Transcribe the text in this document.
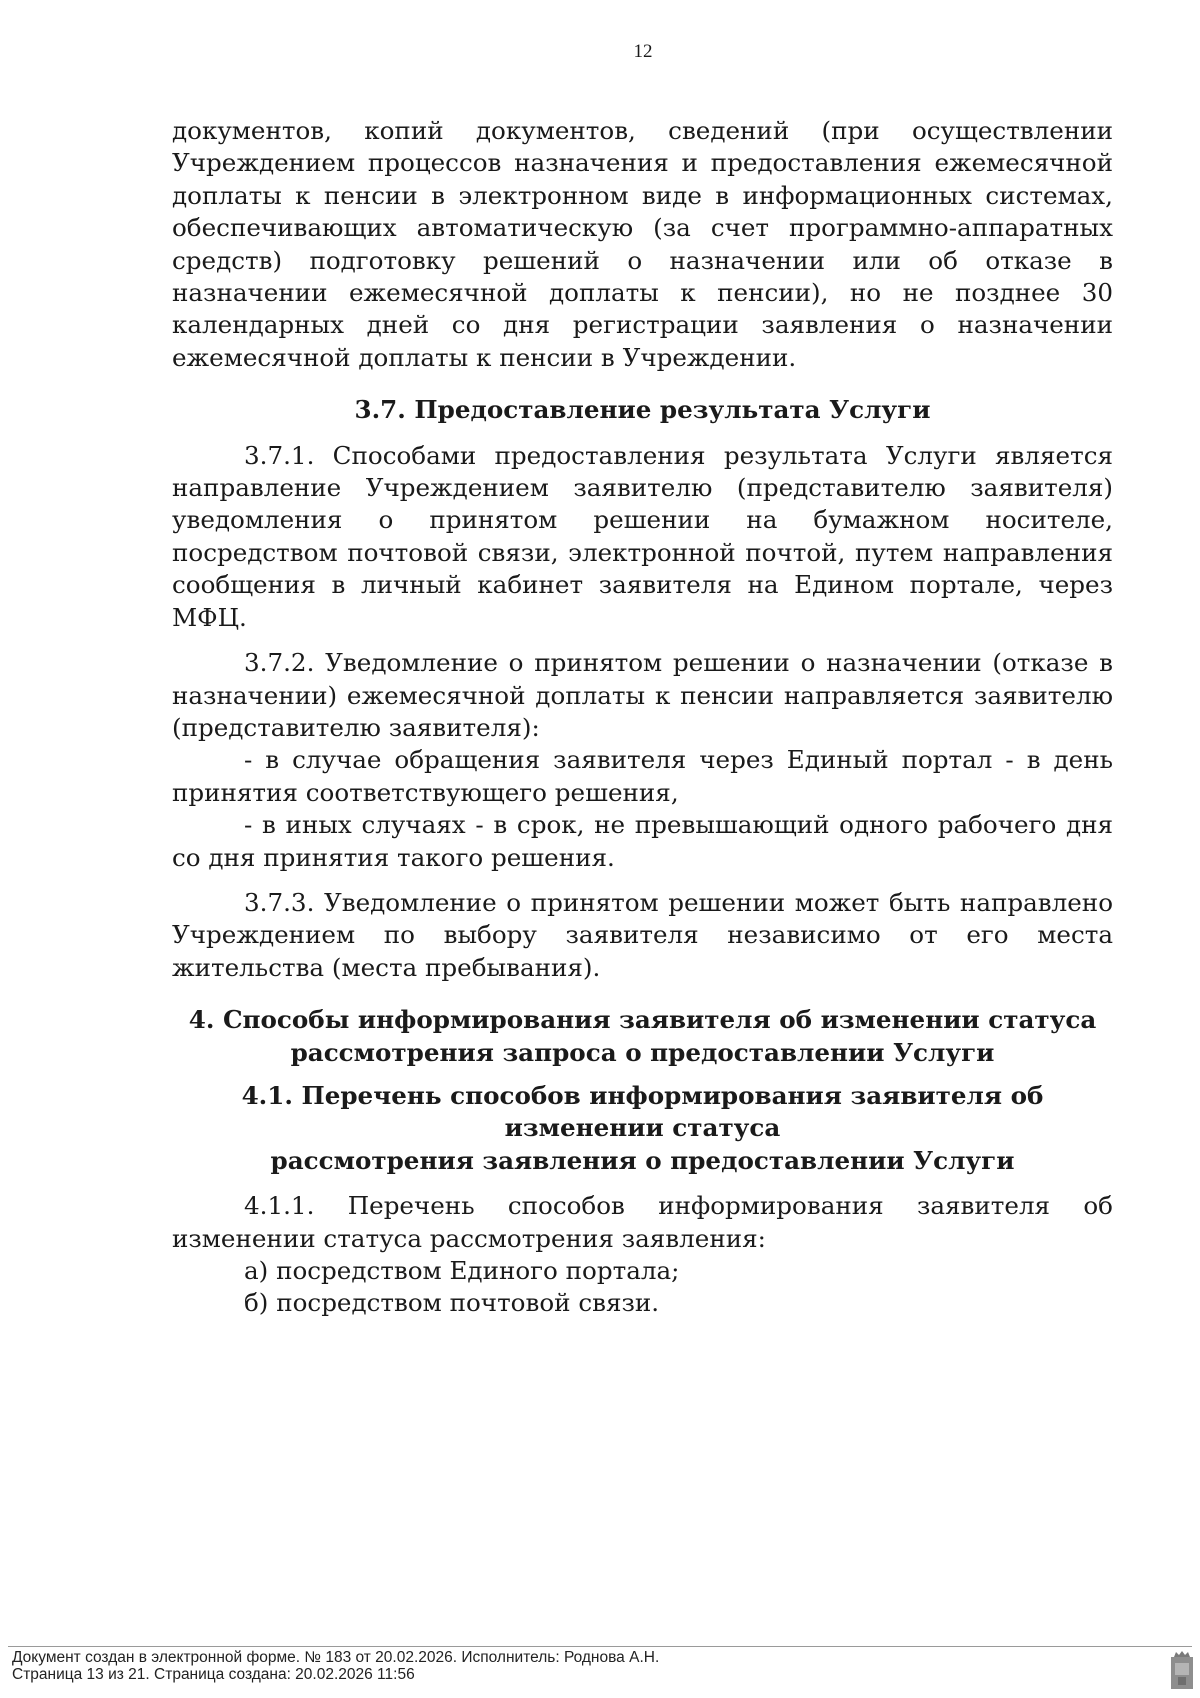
12

документов, копий документов, сведений (при осуществлении Учреждением процессов назначения и предоставления ежемесячной доплаты к пенсии в электронном виде в информационных системах, обеспечивающих автоматическую (за счет программно-аппаратных средств) подготовку решений о назначении или об отказе в назначении ежемесячной доплаты к пенсии), но не позднее 30 календарных дней со дня регистрации заявления о назначении ежемесячной доплаты к пенсии в Учреждении.

3.7. Предоставление результата Услуги

3.7.1. Способами предоставления результата Услуги является направление Учреждением заявителю (представителю заявителя) уведомления о принятом решении на бумажном носителе, посредством почтовой связи, электронной почтой, путем направления сообщения в личный кабинет заявителя на Едином портале, через МФЦ.

3.7.2. Уведомление о принятом решении о назначении (отказе в назначении) ежемесячной доплаты к пенсии направляется заявителю (представителю заявителя):

- в случае обращения заявителя через Единый портал - в день принятия соответствующего решения,

- в иных случаях - в срок, не превышающий одного рабочего дня со дня принятия такого решения.

3.7.3. Уведомление о принятом решении может быть направлено Учреждением по выбору заявителя независимо от его места жительства (места пребывания).

4. Способы информирования заявителя об изменении статуса

рассмотрения запроса о предоставлении Услуги

4.1. Перечень способов информирования заявителя об изменении статуса

рассмотрения заявления о предоставлении Услуги

4.1.1. Перечень способов информирования заявителя об изменении статуса рассмотрения заявления:

а) посредством Единого портала;

б) посредством почтовой связи.

Документ создан в электронной форме. № 183 от 20.02.2026. Исполнитель: Роднова А.Н.
Страница 13 из 21. Страница создана: 20.02.2026 11:56
